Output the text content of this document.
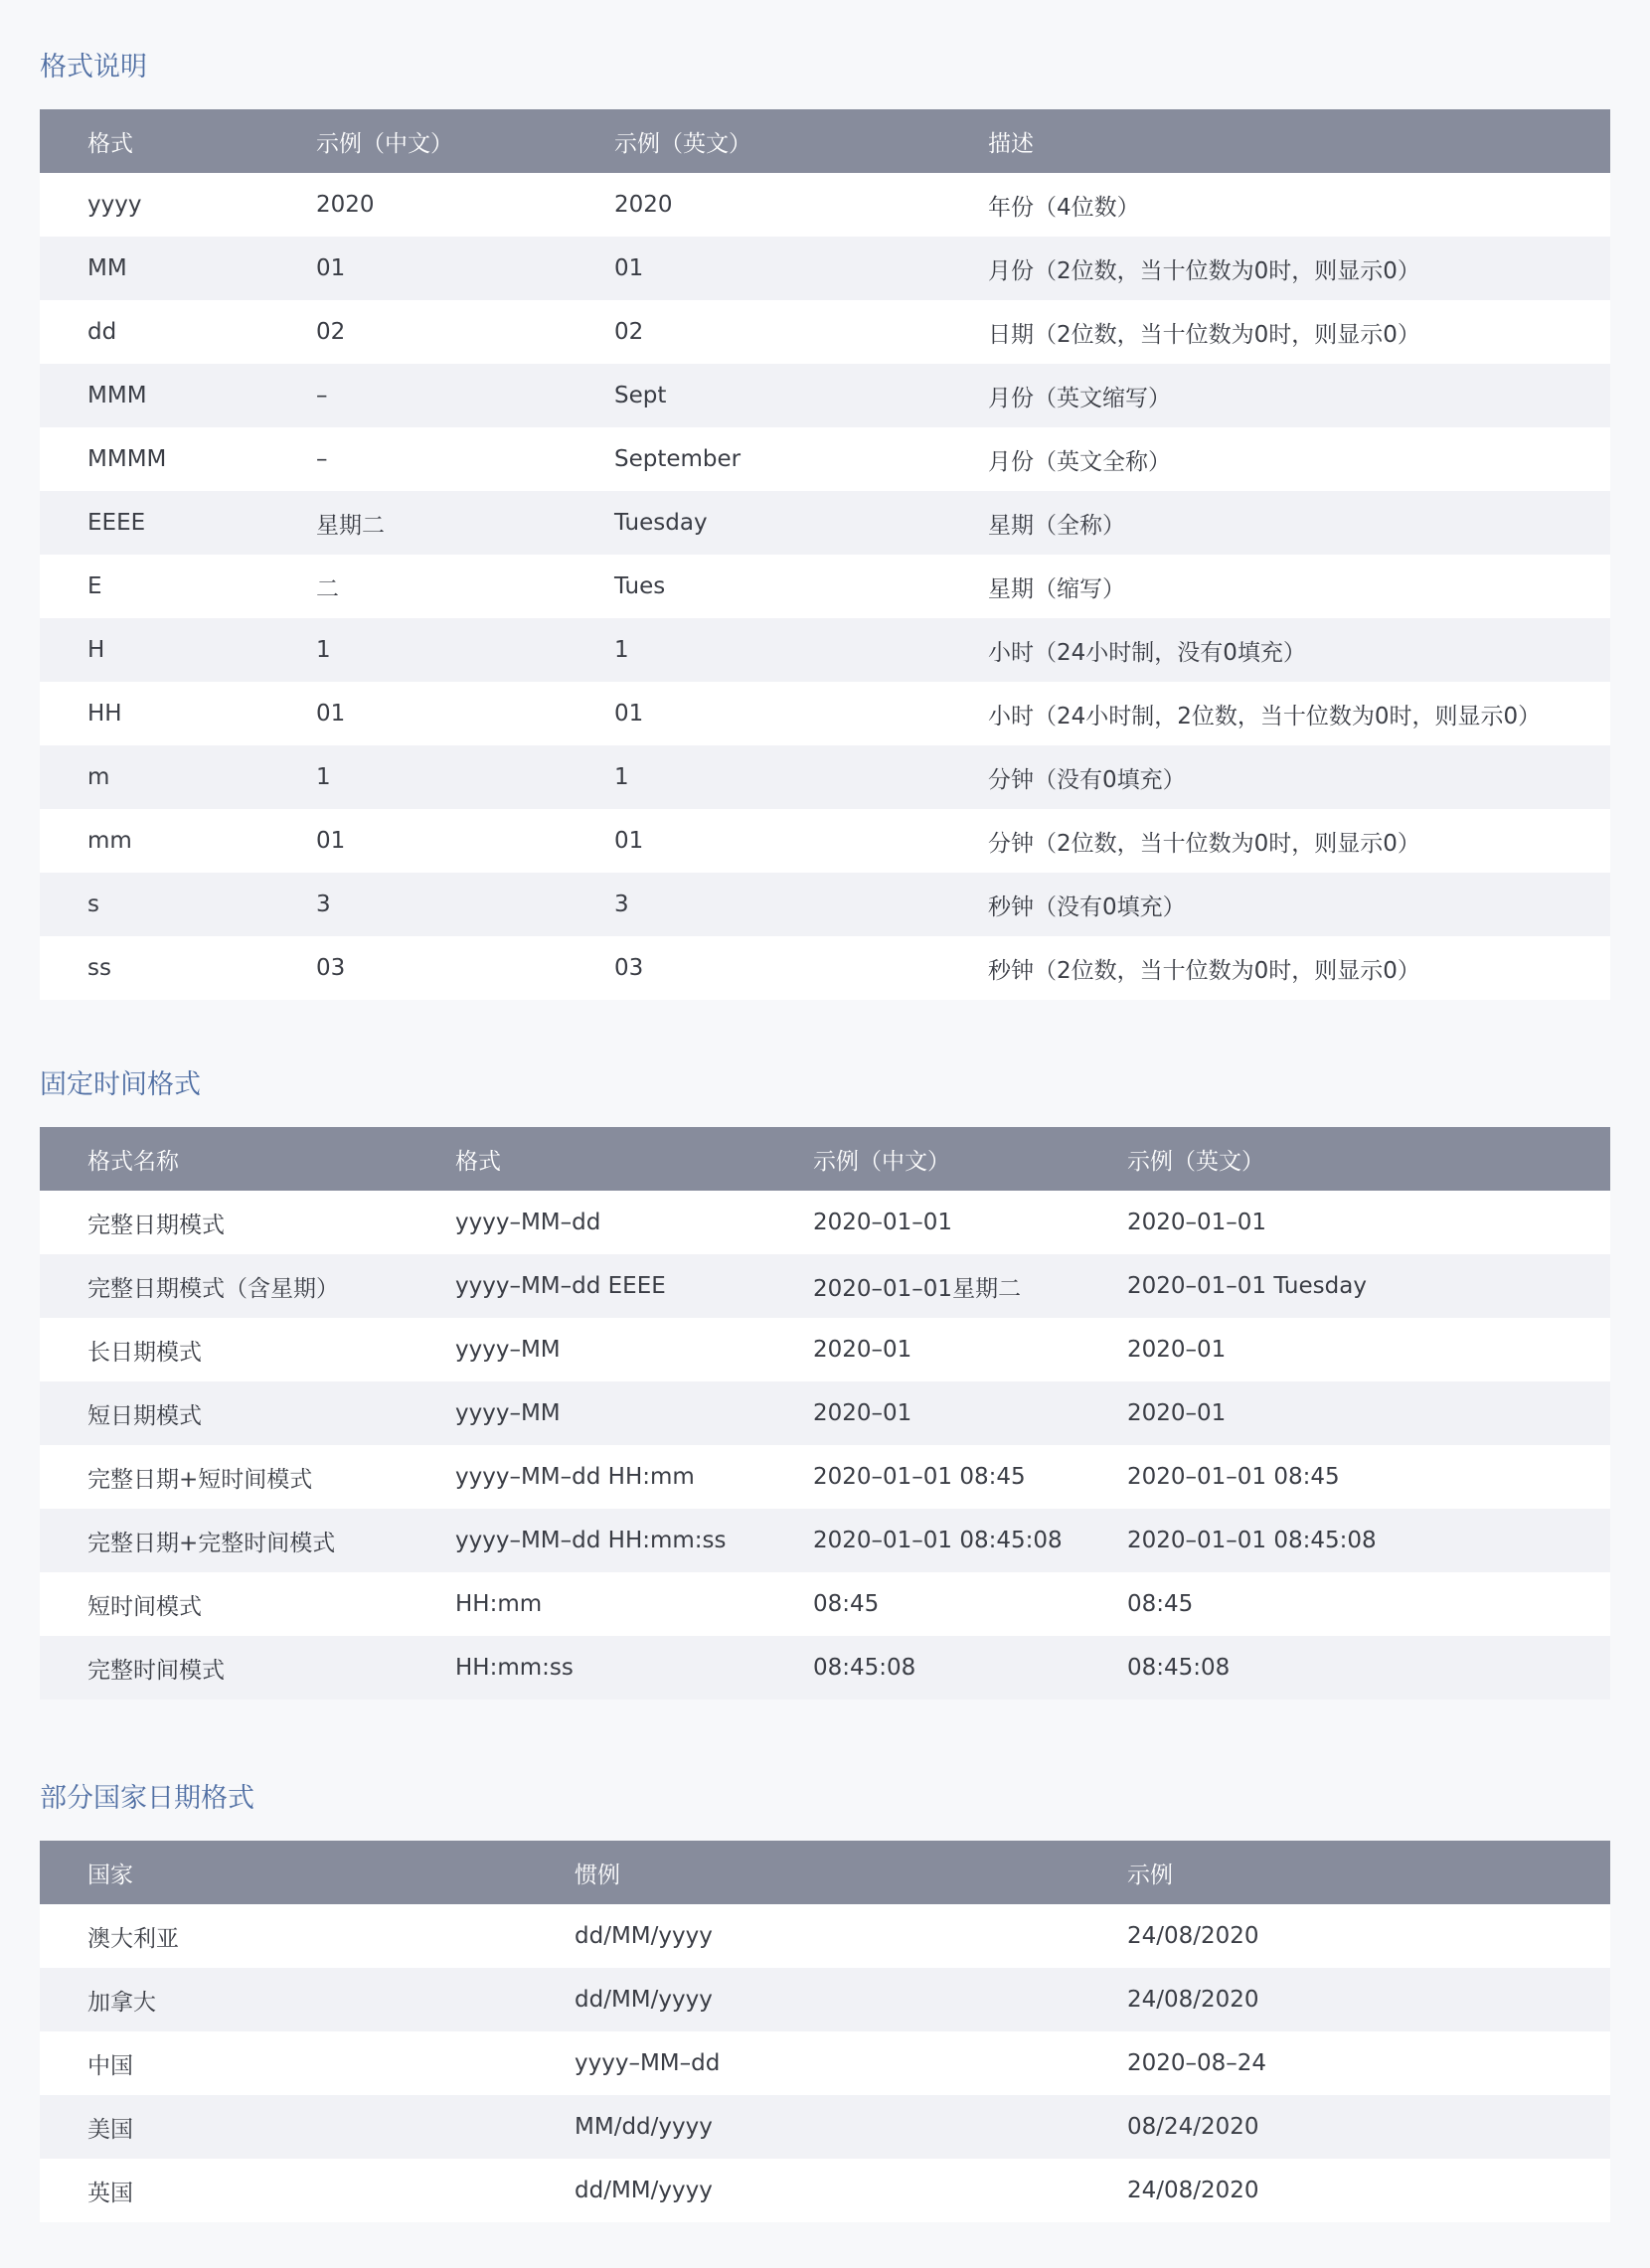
格式说明
格式	示例（中文）	示例（英文）	描述
yyyy	2020	2020	年份（4位数）
MM	01	01	月份（2位数，当十位数为0时，则显示0）
dd	02	02	日期（2位数，当十位数为0时，则显示0）
MMM	–	Sept	月份（英文缩写）
MMMM	–	September	月份（英文全称）
EEEE	星期二	Tuesday	星期（全称）
E	二	Tues	星期（缩写）
H	1	1	小时（24小时制，没有0填充）
HH	01	01	小时（24小时制，2位数，当十位数为0时，则显示0）
m	1	1	分钟（没有0填充）
mm	01	01	分钟（2位数，当十位数为0时，则显示0）
s	3	3	秒钟（没有0填充）
ss	03	03	秒钟（2位数，当十位数为0时，则显示0）
固定时间格式
格式名称	格式	示例（中文）	示例（英文）
完整日期模式	yyyy–MM–dd	2020–01–01	2020–01–01
完整日期模式（含星期）	yyyy–MM–dd EEEE	2020–01–01星期二	2020–01–01 Tuesday
长日期模式	yyyy–MM	2020–01	2020–01
短日期模式	yyyy–MM	2020–01	2020–01
完整日期+短时间模式	yyyy–MM–dd HH:mm	2020–01–01 08:45	2020–01–01 08:45
完整日期+完整时间模式	yyyy–MM–dd HH:mm:ss	2020–01–01 08:45:08	2020–01–01 08:45:08
短时间模式	HH:mm	08:45	08:45
完整时间模式	HH:mm:ss	08:45:08	08:45:08
部分国家日期格式
国家	惯例	示例
澳大利亚	dd/MM/yyyy	24/08/2020
加拿大	dd/MM/yyyy	24/08/2020
中国	yyyy–MM–dd	2020–08–24
美国	MM/dd/yyyy	08/24/2020
英国	dd/MM/yyyy	24/08/2020
